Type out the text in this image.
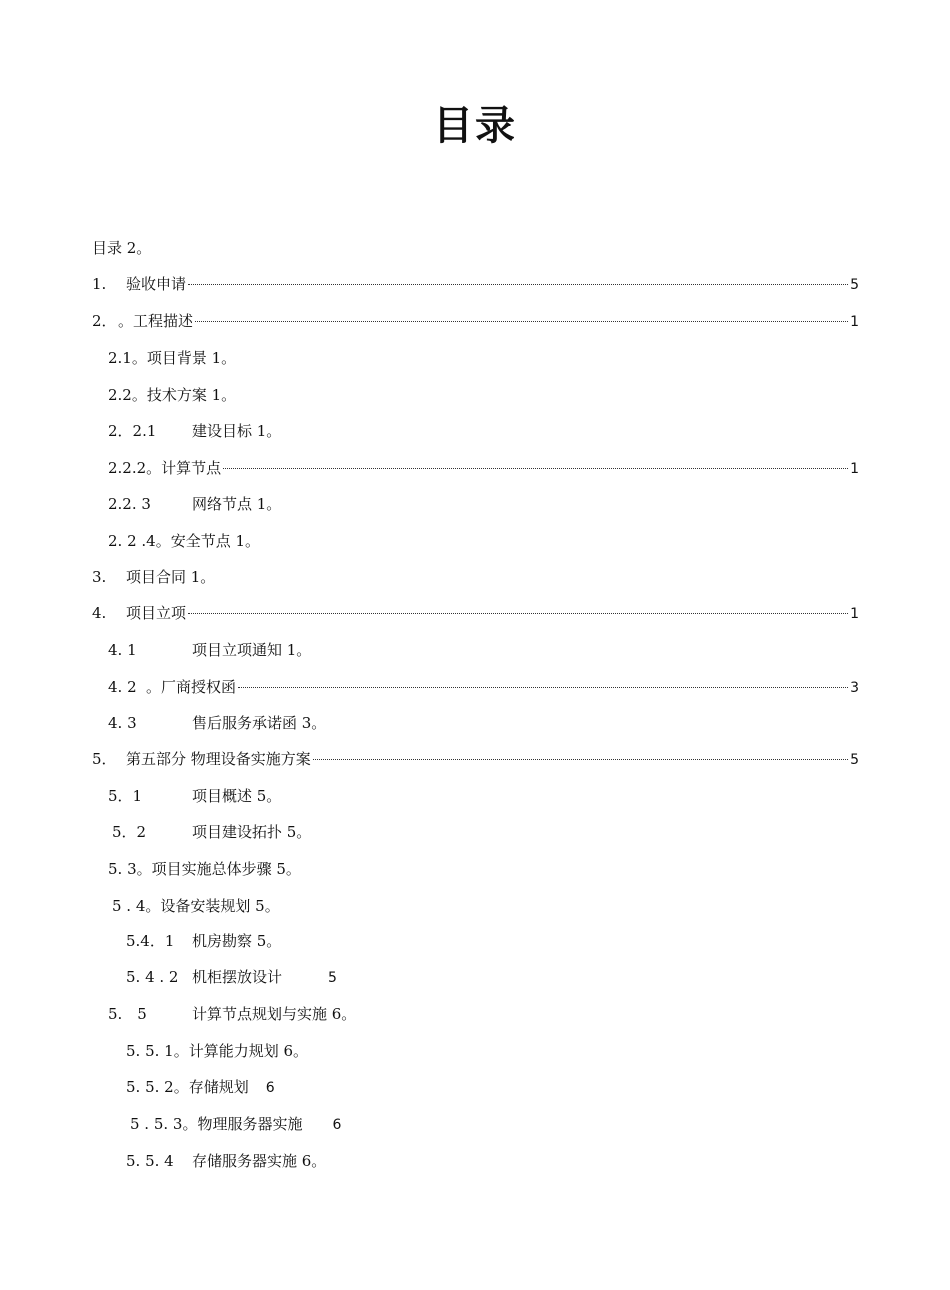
目录
目录 2。
1.	验收申请	5
2． 。工程描述	1
2.1 。项目背景 1。
2.2 。技术方案 1。
2．2.1	建设目标 1。
2.2.2 。计算节点	1
2.2. 3	网络节点 1。
2. 2 .4 。安全节点 1。
3.	项目合同 1。
4.	项目立项	1
4. 1	项目立项通知 1。
4. 2 。厂商授权函	3
4. 3	售后服务承诺函 3。
5． 第五部分 物理设备实施方案	5
5．1	项目概述 5。
5．2	项目建设拓扑 5。
5. 3 。项目实施总体步骤 5。
5 . 4 。设备安装规划 5。
5.4．1	机房勘察 5。
5. 4 . 2 机柜摆放设计	5
5.　5	计算节点规划与实施 6。
5. 5. 1 。计算能力规划 6。
5. 5. 2 。存储规划	6
5 . 5. 3 。物理服务器实施	6
5. 5. 4	存储服务器实施 6。
